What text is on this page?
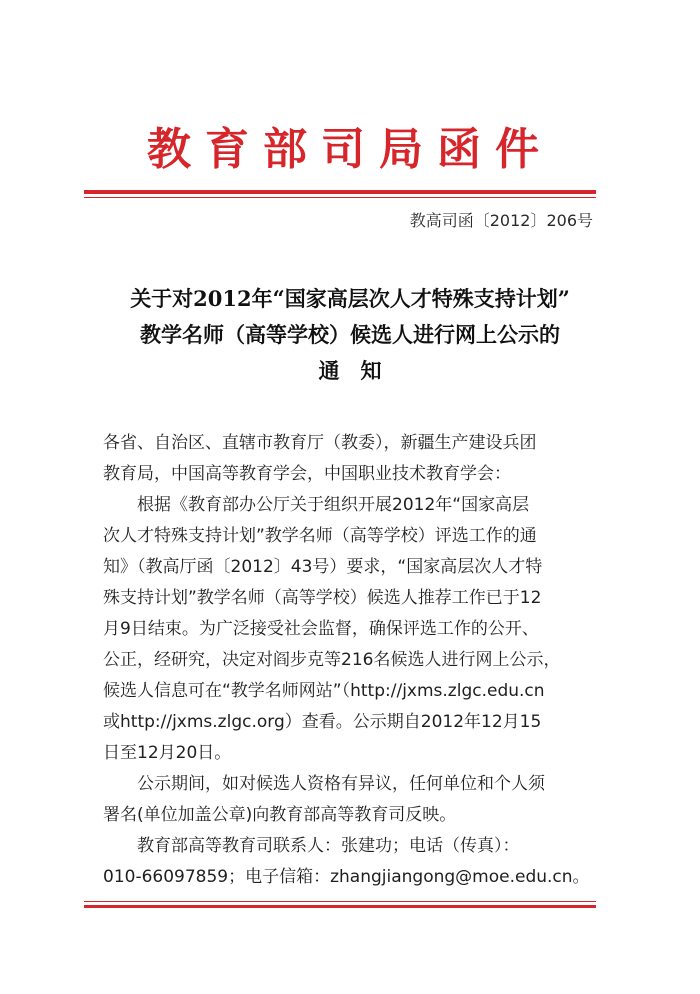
教育部司局函件
教高司函〔2012〕206号
关于对2012年“国家高层次人才特殊支持计划”
教学名师（高等学校）候选人进行网上公示的
通　知
各省、自治区、直辖市教育厅（教委），新疆生产建设兵团
教育局，中国高等教育学会，中国职业技术教育学会：
　　根据《教育部办公厅关于组织开展2012年“国家高层
次人才特殊支持计划”教学名师（高等学校）评选工作的通
知》（教高厅函〔2012〕43号）要求，“国家高层次人才特
殊支持计划”教学名师（高等学校）候选人推荐工作已于12
月9日结束。为广泛接受社会监督，确保评选工作的公开、
公正，经研究，决定对阎步克等216名候选人进行网上公示，
候选人信息可在“教学名师网站”（http://jxms.zlgc.edu.cn
或http://jxms.zlgc.org）查看。公示期自2012年12月15
日至12月20日。
　　公示期间，如对候选人资格有异议，任何单位和个人须
署名(单位加盖公章)向教育部高等教育司反映。
　　教育部高等教育司联系人：张建功；电话（传真）：
010-66097859；电子信箱：zhangjiangong@moe.edu.cn。
